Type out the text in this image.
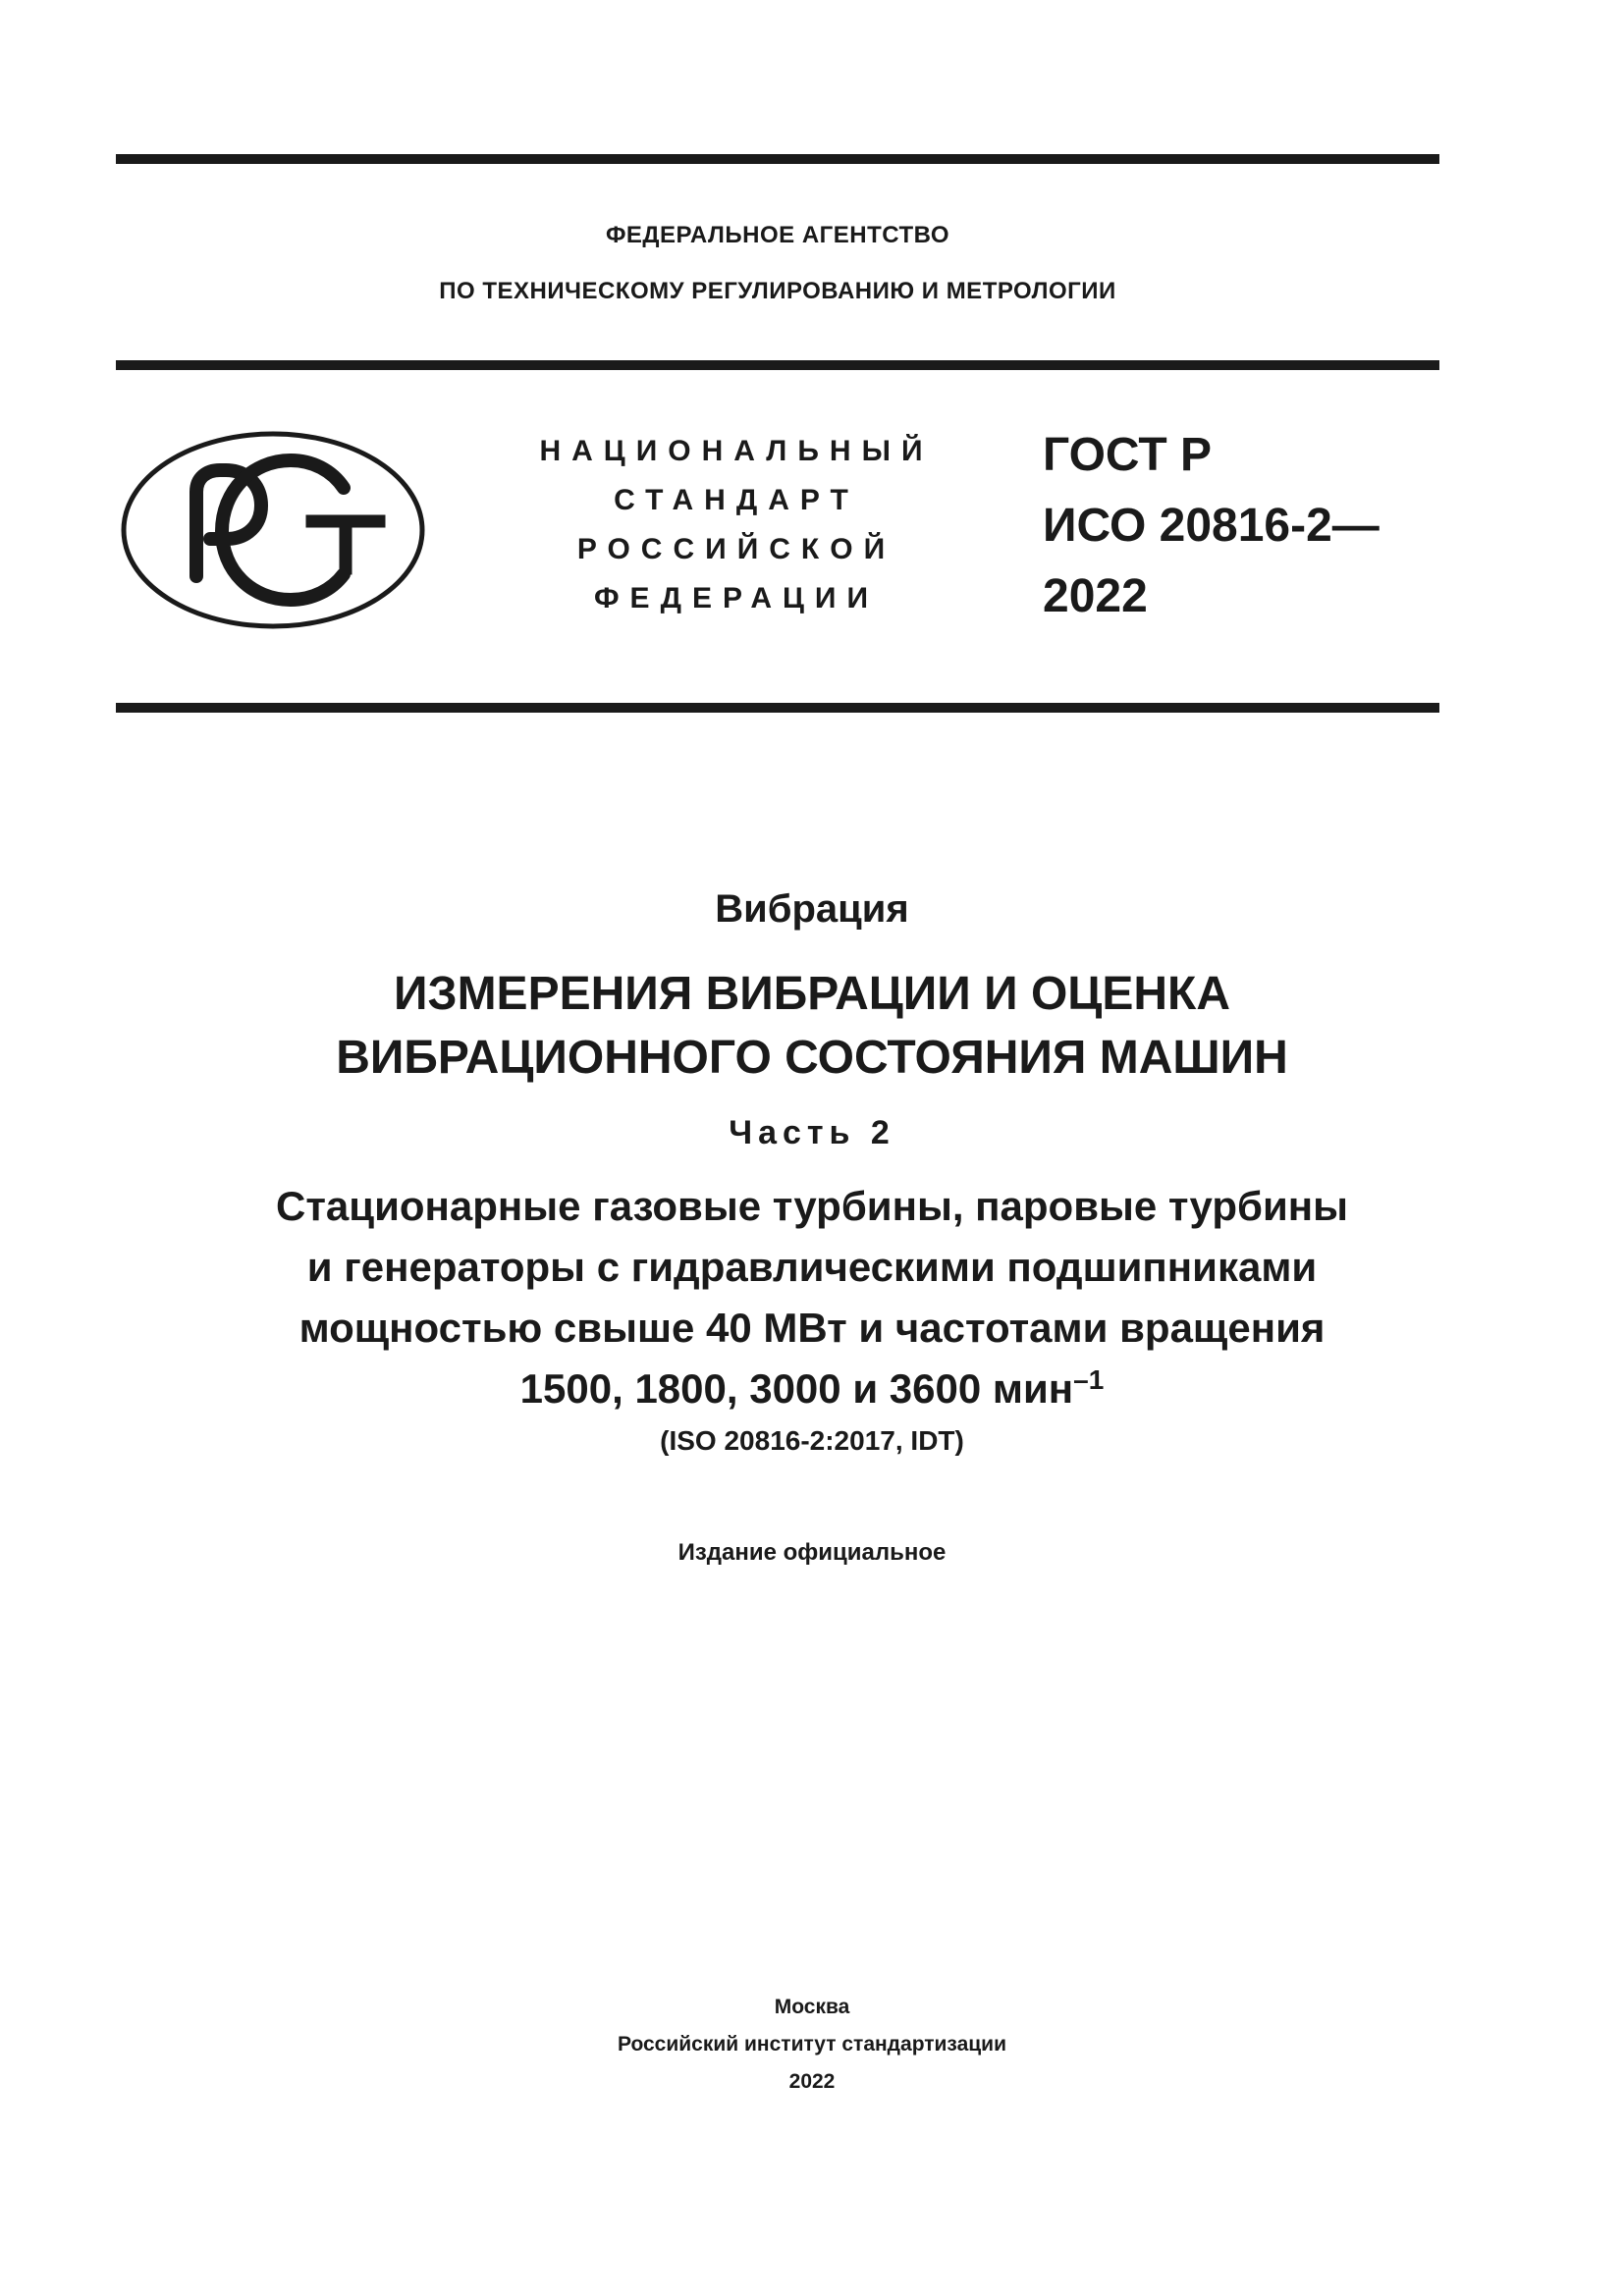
ФЕДЕРАЛЬНОЕ АГЕНТСТВО
ПО ТЕХНИЧЕСКОМУ РЕГУЛИРОВАНИЮ И МЕТРОЛОГИИ
НАЦИОНАЛЬНЫЙ
СТАНДАРТ
РОССИЙСКОЙ
ФЕДЕРАЦИИ
ГОСТ Р
ИСО 20816-2—
2022
Вибрация
ИЗМЕРЕНИЯ ВИБРАЦИИ И ОЦЕНКА
ВИБРАЦИОННОГО СОСТОЯНИЯ МАШИН
Часть 2
Стационарные газовые турбины, паровые турбины
и генераторы с гидравлическими подшипниками
мощностью свыше 40 МВт и частотами вращения
1500, 1800, 3000 и 3600 мин$^{-1}$
(ISO 20816-2:2017, IDT)
Издание официальное
Москва
Российский институт стандартизации
2022
